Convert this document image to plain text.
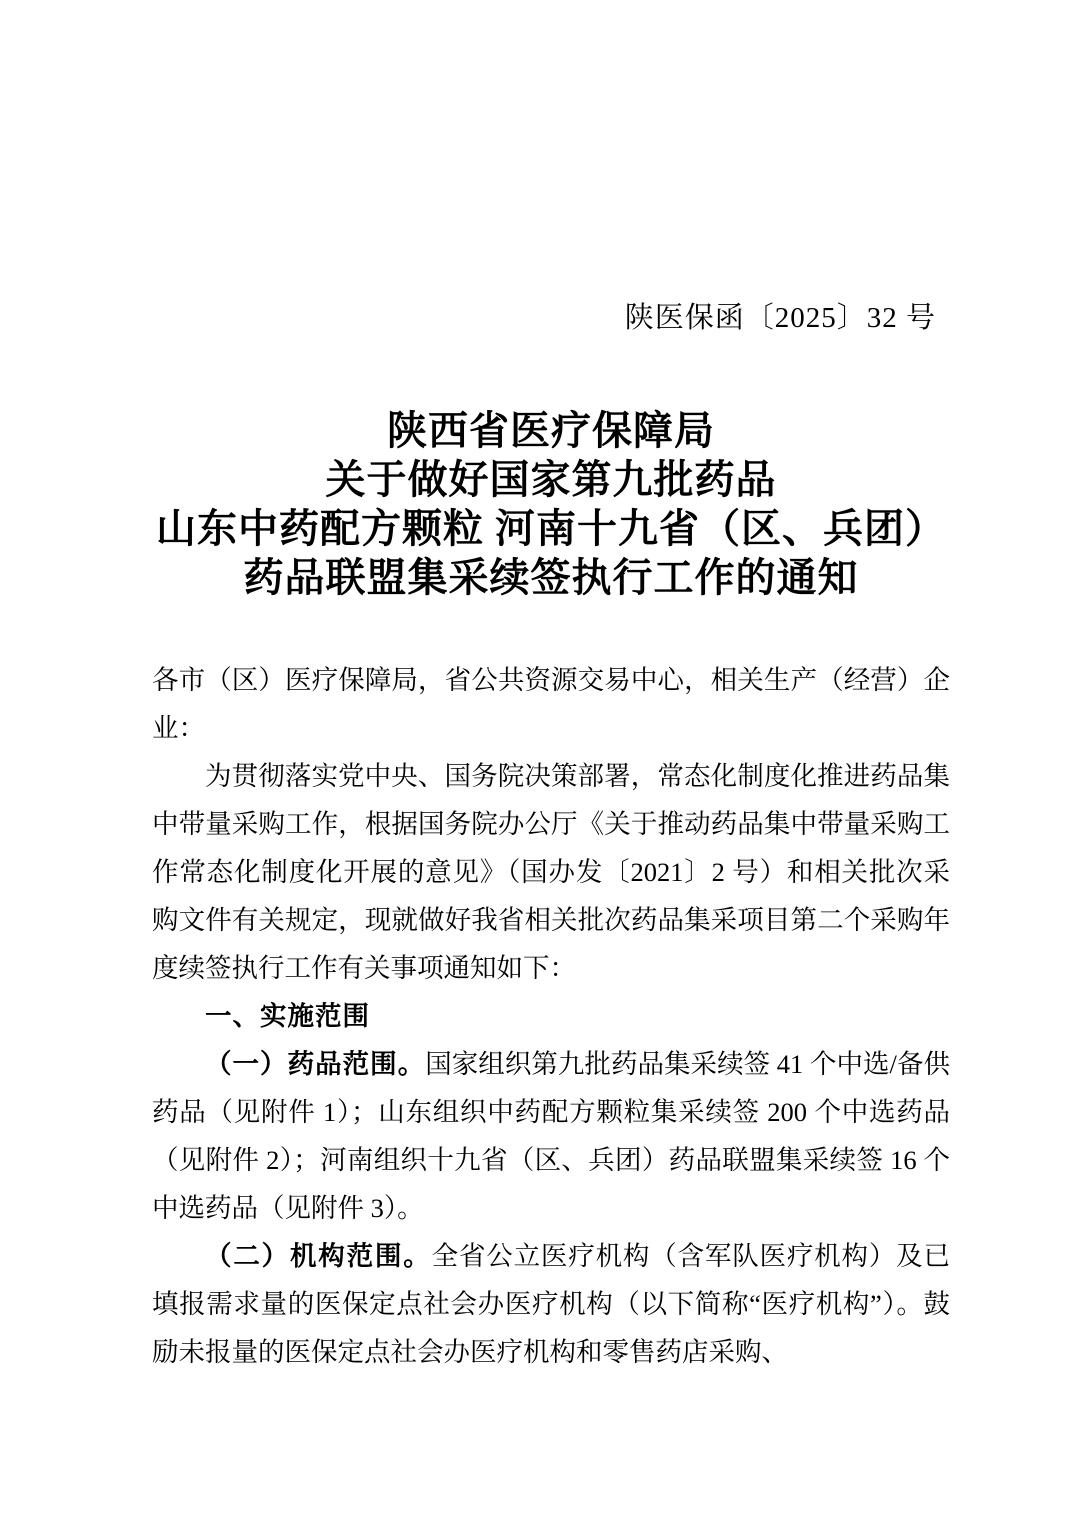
陕医保函〔2025〕32 号
陕西省医疗保障局
关于做好国家第九批药品
山东中药配方颗粒 河南十九省（区、兵团）
药品联盟集采续签执行工作的通知

各市（区）医疗保障局，省公共资源交易中心，相关生产（经营）企业：

为贯彻落实党中央、国务院决策部署，常态化制度化推进药品集中带量采购工作，根据国务院办公厅《关于推动药品集中带量采购工作常态化制度化开展的意见》（国办发〔2021〕2 号）和相关批次采购文件有关规定，现就做好我省相关批次药品集采项目第二个采购年度续签执行工作有关事项通知如下：

一、实施范围

（一）药品范围。国家组织第九批药品集采续签 41 个中选/备供药品（见附件 1）；山东组织中药配方颗粒集采续签 200 个中选药品（见附件 2）；河南组织十九省（区、兵团）药品联盟集采续签 16 个中选药品（见附件 3）。

（二）机构范围。全省公立医疗机构（含军队医疗机构）及已填报需求量的医保定点社会办医疗机构（以下简称“医疗机构”）。鼓励未报量的医保定点社会办医疗机构和零售药店采购、
